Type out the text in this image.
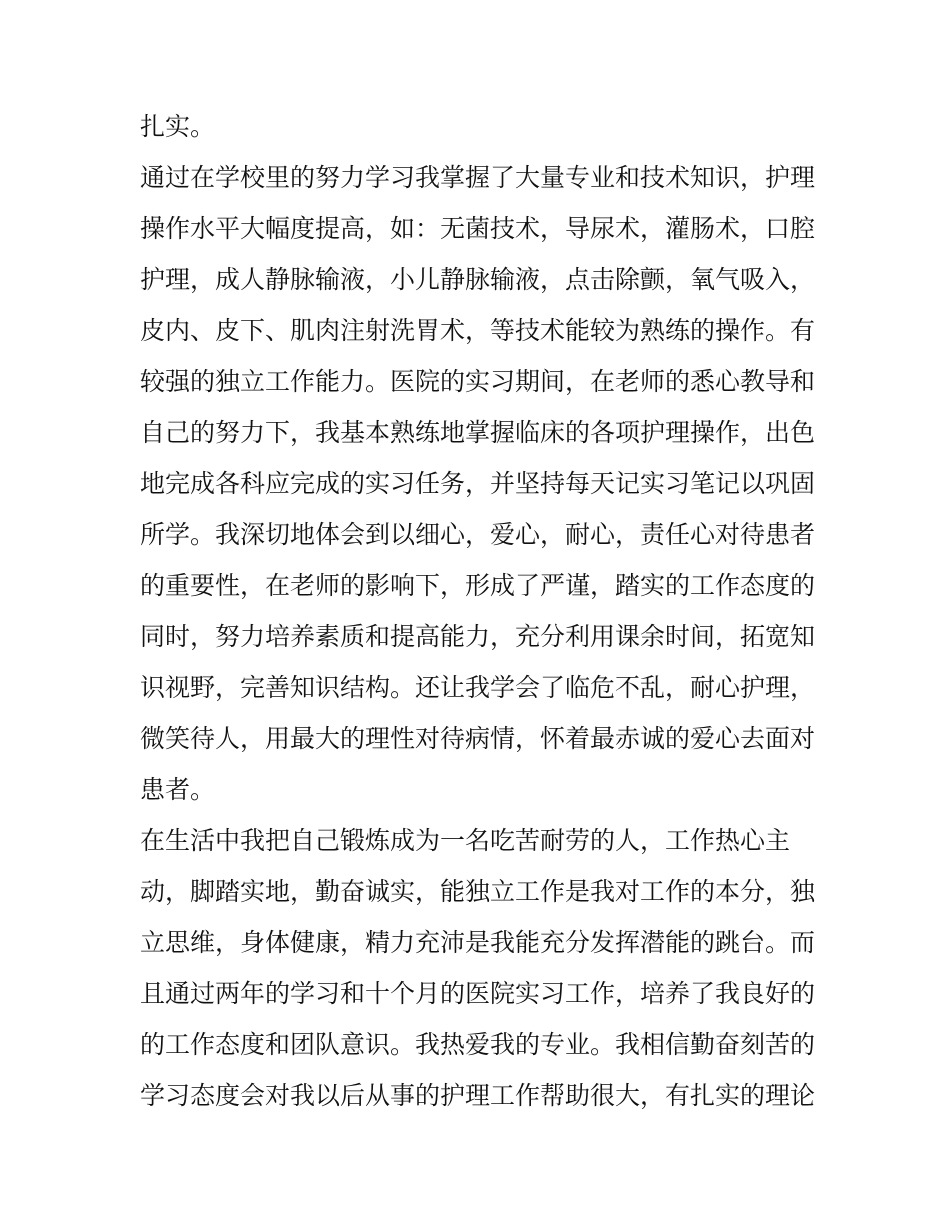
扎实。

通过在学校里的努力学习我掌握了大量专业和技术知识，护理

操作水平大幅度提高，如：无菌技术，导尿术，灌肠术，口腔

护理，成人静脉输液，小儿静脉输液，点击除颤，氧气吸入，

皮内、皮下、肌肉注射洗胃术，等技术能较为熟练的操作。有

较强的独立工作能力。医院的实习期间，在老师的悉心教导和

自己的努力下，我基本熟练地掌握临床的各项护理操作，出色

地完成各科应完成的实习任务，并坚持每天记实习笔记以巩固

所学。我深切地体会到以细心，爱心，耐心，责任心对待患者

的重要性，在老师的影响下，形成了严谨，踏实的工作态度的

同时，努力培养素质和提高能力，充分利用课余时间，拓宽知

识视野，完善知识结构。还让我学会了临危不乱，耐心护理，

微笑待人，用最大的理性对待病情，怀着最赤诚的爱心去面对

患者。

在生活中我把自己锻炼成为一名吃苦耐劳的人，工作热心主

动，脚踏实地，勤奋诚实，能独立工作是我对工作的本分，独

立思维，身体健康，精力充沛是我能充分发挥潜能的跳台。而

且通过两年的学习和十个月的医院实习工作，培养了我良好的

的工作态度和团队意识。我热爱我的专业。我相信勤奋刻苦的

学习态度会对我以后从事的护理工作帮助很大，有扎实的理论
